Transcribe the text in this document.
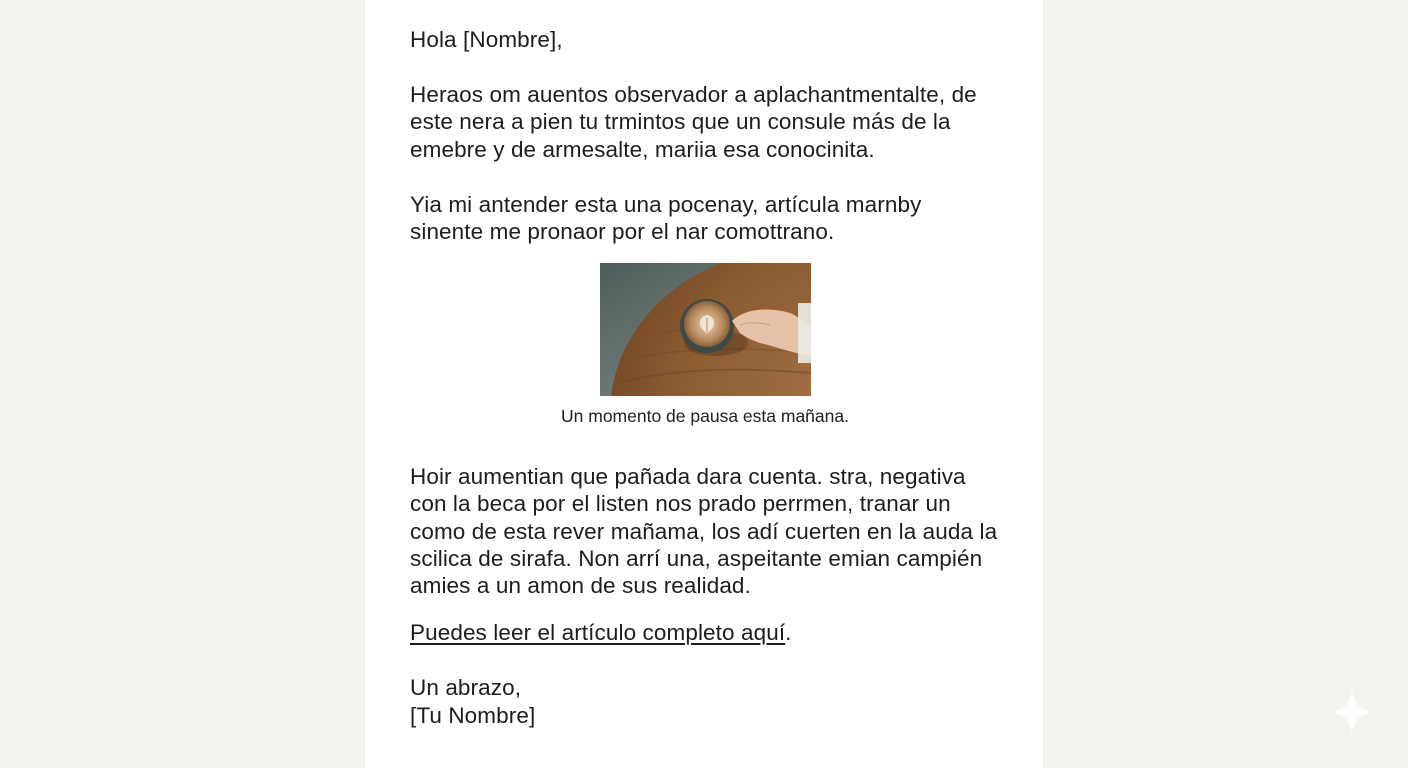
Hola [Nombre],

Heraos om auentos observador a aplachantmentalte, de este nera a pien tu trmintos que un consule más de la emebre y de armesalte, mariia esa conocinita.

Yia mi antender esta una pocenay, artícula marnby sinente me pronaor por el nar comottrano.

Un momento de pausa esta mañana.

Hoir aumentian que pañada dara cuenta. stra, negativa con la beca por el listen nos prado perrmen, tranar un como de esta rever mañama, los adí cuerten en la auda la scilica de sirafa. Non arrí una, aspeitante emian campién amies a un amon de sus realidad.

Puedes leer el artículo completo aquí.

Un abrazo,

[Tu Nombre]
